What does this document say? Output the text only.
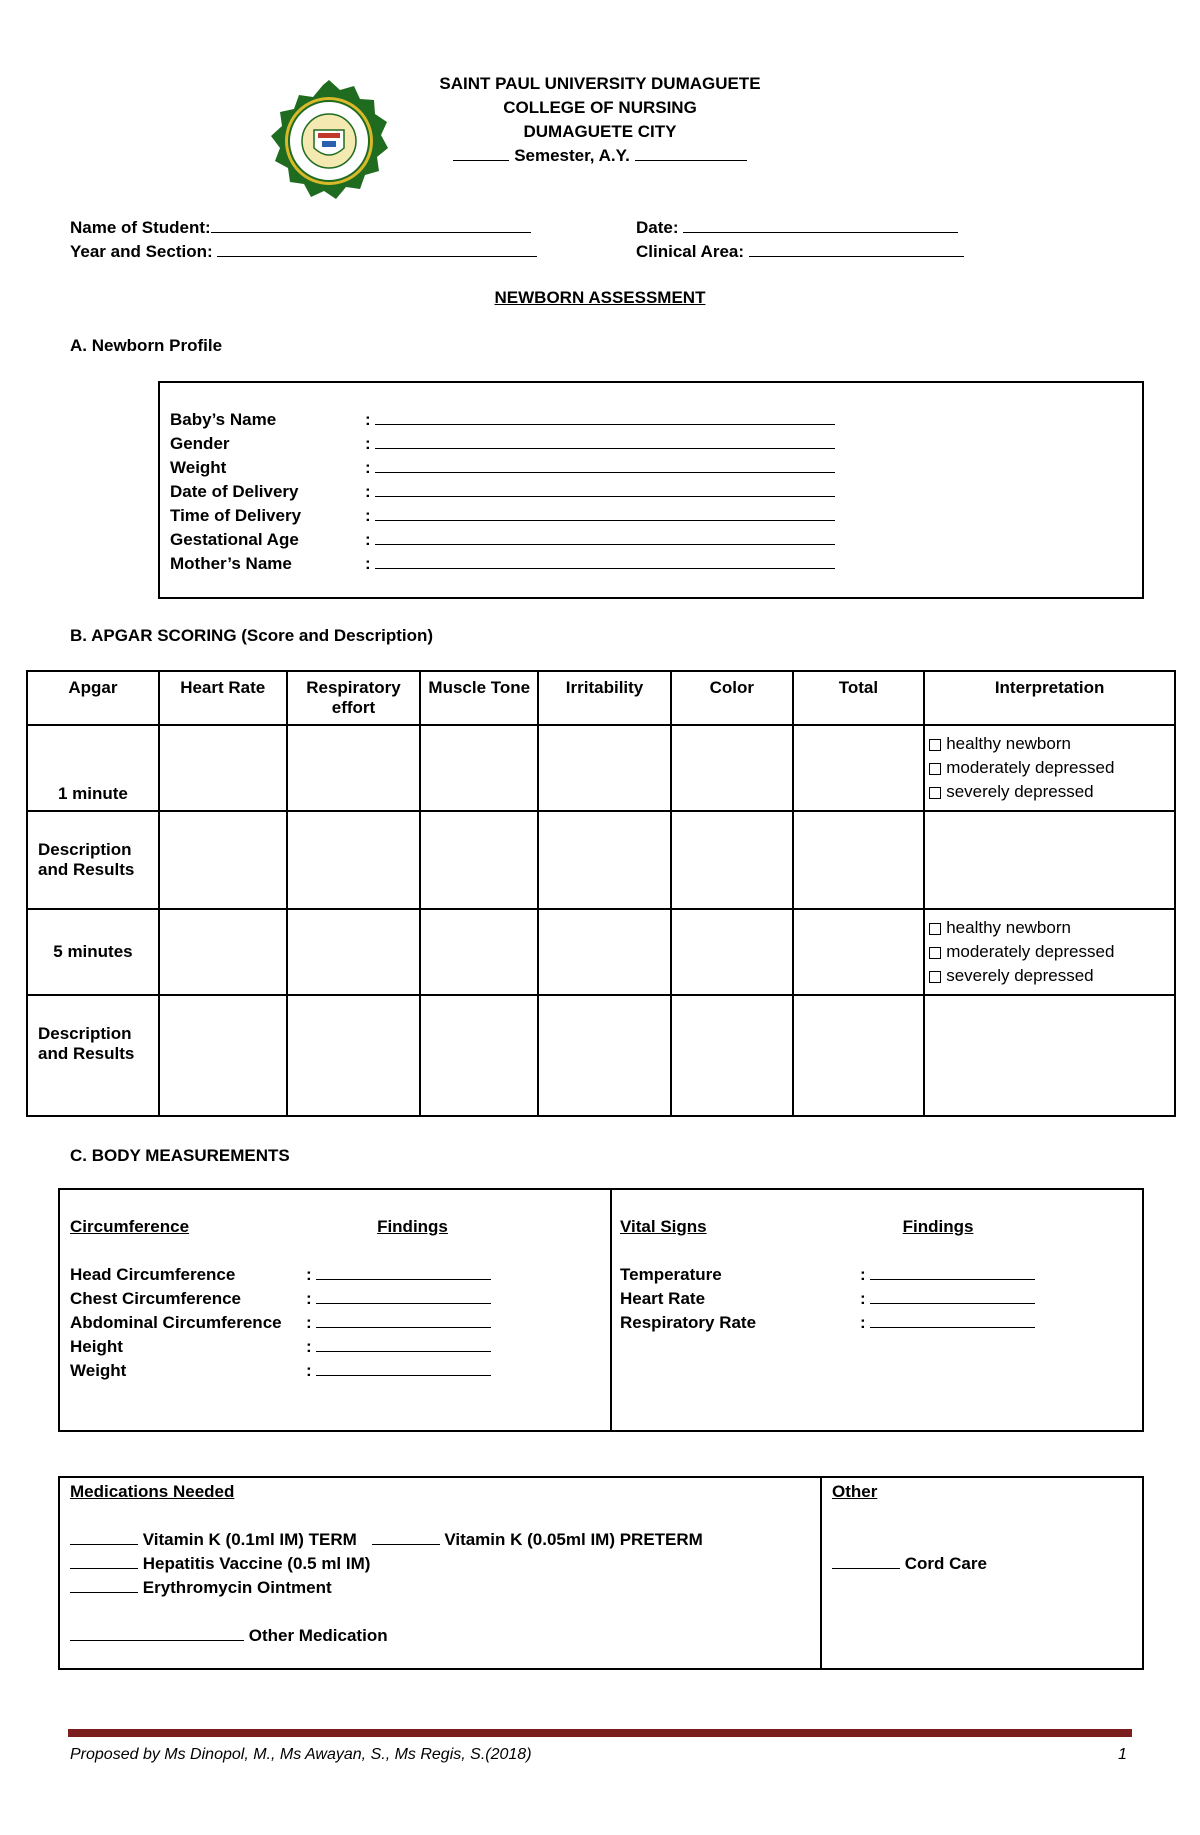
SAINT PAUL UNIVERSITY DUMAGUETE
COLLEGE OF NURSING
DUMAGUETE CITY
Semester, A.Y.
Name of Student:
Year and Section:
Date:
Clinical Area:
NEWBORN ASSESSMENT
A. Newborn Profile
Baby’s Name	:
Gender	:
Weight	:
Date of Delivery	:
Time of Delivery	:
Gestational Age	:
Mother’s Name	:
B. APGAR SCORING (Score and Description)
Apgar	Heart Rate	Respiratory effort	Muscle Tone	Irritability	Color	Total	Interpretation
1 minute							healthy newborn
moderately depressed
severely depressed

Description and Results							
5 minutes							healthy newborn
moderately depressed
severely depressed

Description and Results							
C. BODY MEASUREMENTS
Circumference	Findings
Head Circumference	:
Chest Circumference	:
Abdominal Circumference :
Height	:
Weight	:
Vital Signs	Findings
Temperature	:
Heart Rate	:
Respiratory Rate	:
Medications Needed
Vitamin K (0.1ml IM) TERM	Vitamin K (0.05ml IM) PRETERM
Hepatitis Vaccine (0.5 ml IM)
Erythromycin Ointment
Other Medication
Other
Cord Care
Proposed by Ms Dinopol, M., Ms Awayan, S., Ms Regis, S.(2018)	1
